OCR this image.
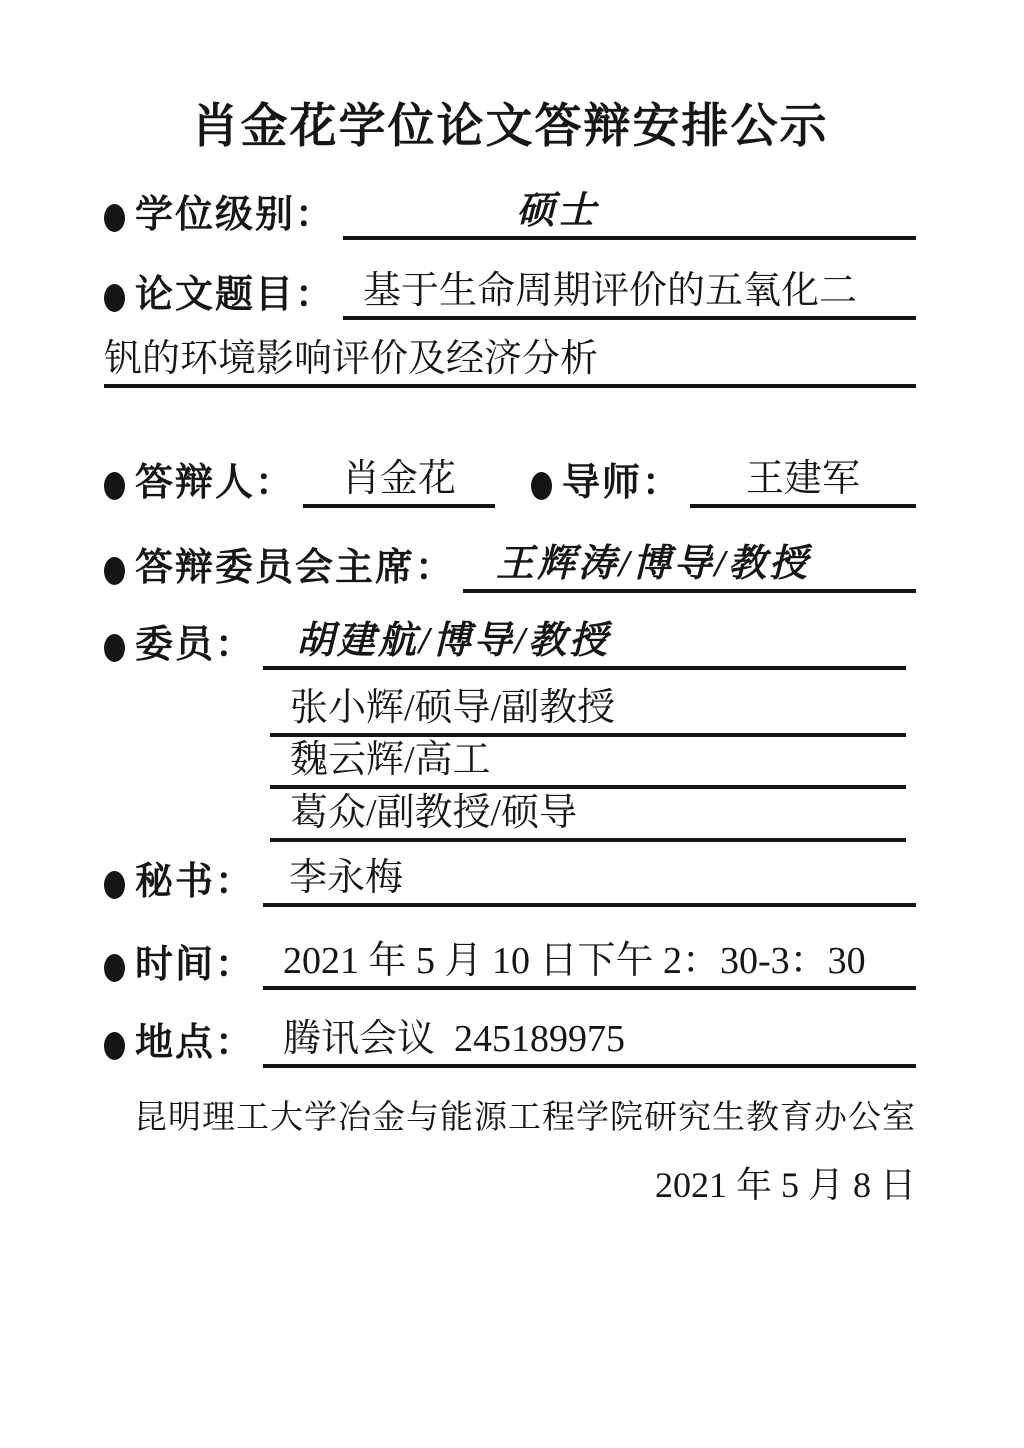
肖金花学位论文答辩安排公示
学位级别：	硕士
论文题目： 基于生命周期评价的五氧化二
钒的环境影响评价及经济分析
答辩人：	肖金花	导师：	王建军
答辩委员会主席：	王辉涛/博导/教授
委员：	胡建航/博导/教授
张小辉/硕导/副教授
魏云辉/高工
葛众/副教授/硕导
秘书： 李永梅
时间： 2021 年 5 月 10 日下午 2：30-3：30
地点： 腾讯会议  245189975
昆明理工大学冶金与能源工程学院研究生教育办公室
2021 年 5 月 8 日
